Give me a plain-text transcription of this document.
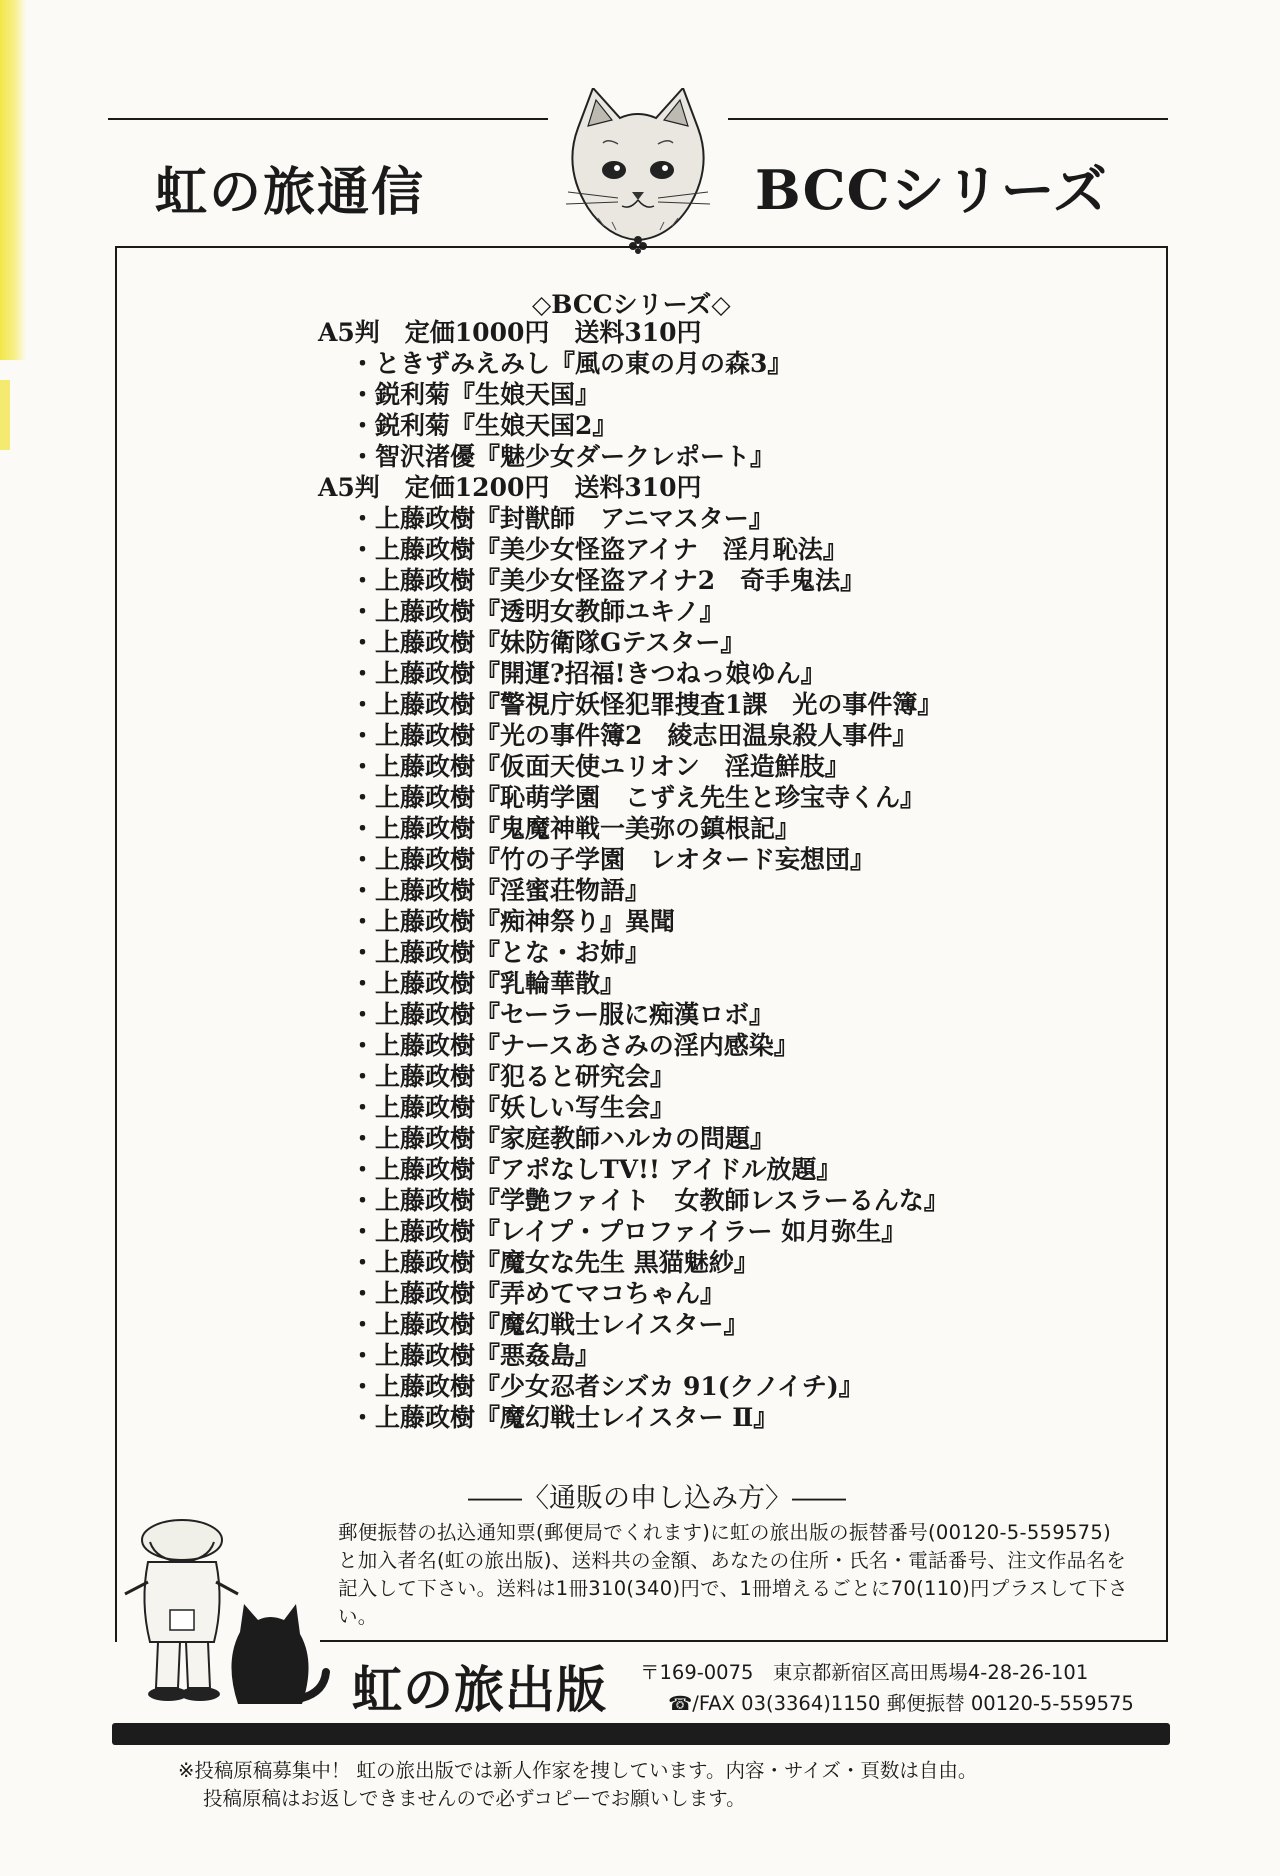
虹の旅通信	BCCシリーズ
◇BCCシリーズ◇
A5判　定価1000円　送料310円
・ときずみえみし『風の東の月の森3』
・鋭利菊『生娘天国』
・鋭利菊『生娘天国2』
・智沢渚優『魅少女ダークレポート』
A5判　定価1200円　送料310円
・上藤政樹『封獣師　アニマスター』
・上藤政樹『美少女怪盗アイナ　淫月恥法』
・上藤政樹『美少女怪盗アイナ2　奇手鬼法』
・上藤政樹『透明女教師ユキノ』
・上藤政樹『妹防衛隊Gテスター』
・上藤政樹『開運?招福!きつねっ娘ゆん』
・上藤政樹『警視庁妖怪犯罪捜査1課　光の事件簿』
・上藤政樹『光の事件簿2　綾志田温泉殺人事件』
・上藤政樹『仮面天使ユリオン　淫造鮮肢』
・上藤政樹『恥萌学園　こずえ先生と珍宝寺くん』
・上藤政樹『鬼魔神戦一美弥の鎮根記』
・上藤政樹『竹の子学園　レオタード妄想団』
・上藤政樹『淫蜜荘物語』
・上藤政樹『痴神祭り』異聞
・上藤政樹『とな・お姉』
・上藤政樹『乳輪華散』
・上藤政樹『セーラー服に痴漢ロボ』
・上藤政樹『ナースあさみの淫内感染』
・上藤政樹『犯ると研究会』
・上藤政樹『妖しい写生会』
・上藤政樹『家庭教師ハルカの問題』
・上藤政樹『アポなしTV!! アイドル放題』
・上藤政樹『学艶ファイト　女教師レスラーるんな』
・上藤政樹『レイプ・プロファイラー 如月弥生』
・上藤政樹『魔女な先生 黒猫魅紗』
・上藤政樹『弄めてマコちゃん』
・上藤政樹『魔幻戦士レイスター』
・上藤政樹『悪姦島』
・上藤政樹『少女忍者シズカ 91(クノイチ)』
・上藤政樹『魔幻戦士レイスター Ⅱ』
――〈通販の申し込み方〉――
郵便振替の払込通知票(郵便局でくれます)に虹の旅出版の振替番号(00120-5-559575)と加入者名(虹の旅出版)、送料共の金額、あなたの住所・氏名・電話番号、注文作品名を記入して下さい。送料は1冊310(340)円で、1冊増えるごとに70(110)円プラスして下さい。
虹の旅出版 〒169-0075　東京都新宿区高田馬場4-28-26-101
☎/FAX 03(3364)1150 郵便振替 00120-5-559575
※投稿原稿募集中！ 虹の旅出版では新人作家を捜しています。内容・サイズ・頁数は自由。
投稿原稿はお返しできませんので必ずコピーでお願いします。
